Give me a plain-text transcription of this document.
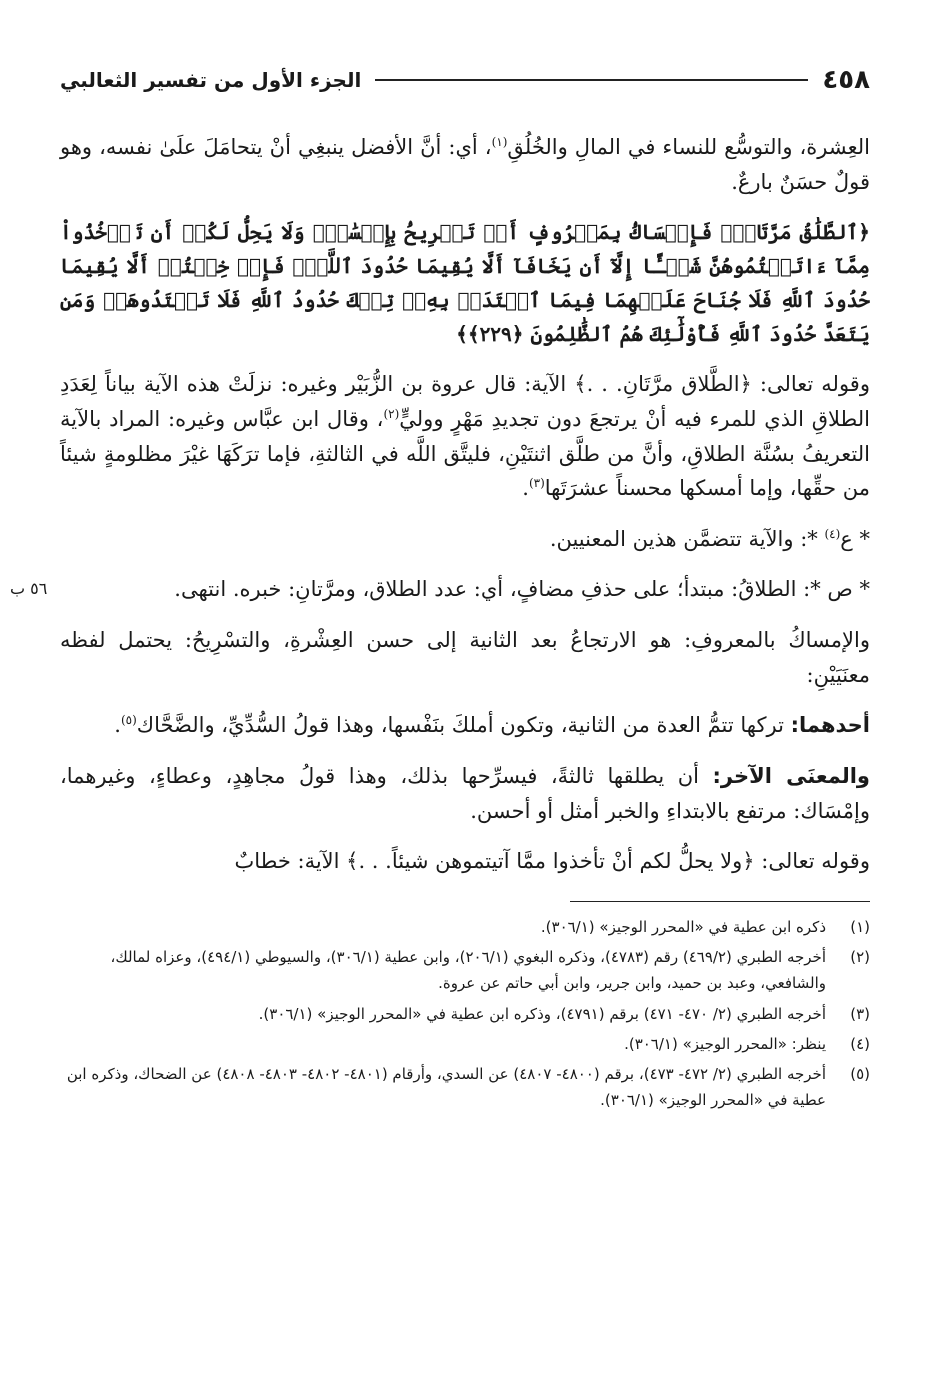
٤٥٨
الجزء الأول من تفسير الثعالبي

العِشرة، والتوسُّع للنساء في المالِ والخُلُقِ$^{(١)}$، أي: أنَّ الأفضل ينبغِي أنْ يتحامَلَ علَىٰ نفسه، وهو قولٌ حسَنٌ بارعٌ.

﴿ٱلطَّلَٰقُ مَرَّتَانِۖ فَإِمۡسَاكُۢ بِمَعۡرُوفٍ أَوۡ تَسۡرِيحُۢ بِإِحۡسَٰنٖۗ وَلَا يَحِلُّ لَكُمۡ أَن تَأۡخُذُواْ مِمَّآ ءَاتَيۡتُمُوهُنَّ شَيۡـًٔا إِلَّآ أَن يَخَافَآ أَلَّا يُقِيمَا حُدُودَ ٱللَّهِۖ فَإِنۡ خِفۡتُمۡ أَلَّا يُقِيمَا حُدُودَ ٱللَّهِ فَلَا جُنَاحَ عَلَيۡهِمَا فِيمَا ٱفۡتَدَتۡ بِهِۦۗ تِلۡكَ حُدُودُ ٱللَّهِ فَلَا تَعۡتَدُوهَاۚ وَمَن يَتَعَدَّ حُدُودَ ٱللَّهِ فَأُوْلَٰٓئِكَ هُمُ ٱلظَّٰلِمُونَ ﴿٢٢٩﴾﴾

وقوله تعالى: ﴿الطَّلاق مرَّتَانِ. . .﴾ الآية: قال عروة بن الزُّبَيْر وغيره: نزلَتْ هذه الآية بياناً لِعَدَدِ الطلاقِ الذي للمرء فيه أنْ يرتجعَ دون تجديدِ مَهْرٍ ووليٍّ$^{(٢)}$، وقال ابن عبَّاس وغيره: المراد بالآية التعريفُ بسُنَّة الطلاقِ، وأنَّ من طلَّق اثنتَيْنِ، فليتَّق اللَّه في الثالثةِ، فإما ترَكَهَا غيْرَ مظلومةٍ شيئاً من حقِّها، وإما أمسكها محسناً عشرَتَها$^{(٣)}$.

* ع$^{(٤)}$ *: والآية تتضمَّن هذين المعنيين.

٥٦ ب	* ص *: الطلاقُ: مبتدأ؛ على حذفِ مضافٍ، أي: عدد الطلاق، ومرَّتانِ: خبره. انتهى.

والإمساكُ بالمعروفِ: هو الارتجاعُ بعد الثانية إلى حسن العِشْرةِ، والتسْرِيحُ: يحتمل لفظه معنَيَيْنِ:

أحدهما: تركها تتمُّ العدة من الثانية، وتكون أملكَ بنَفْسها، وهذا قولُ السُّدِّيِّ، والضَّحَّاك$^{(٥)}$.

والمعنَى الآخر: أن يطلقها ثالثةً، فيسرِّحها بذلك، وهذا قولُ مجاهِدٍ، وعطاءٍ، وغيرهما، وإمْسَاك: مرتفع بالابتداءِ والخبر أمثل أو أحسن.

وقوله تعالى: ﴿ولا يحلُّ لكم أنْ تأخذوا ممَّا آتيتموهن شيئاً. . .﴾ الآية: خطابٌ

(١)
ذكره ابن عطية في «المحرر الوجيز» (٣٠٦/١).
(٢)
أخرجه الطبري (٤٦٩/٢) رقم (٤٧٨٣)، وذكره البغوي (٢٠٦/١)، وابن عطية (٣٠٦/١)، والسيوطي (٤٩٤/١)، وعزاه لمالك، والشافعي، وعبد بن حميد، وابن جرير، وابن أبي حاتم عن عروة.
(٣)
أخرجه الطبري (٢/ ٤٧٠- ٤٧١) برقم (٤٧٩١)، وذكره ابن عطية في «المحرر الوجيز» (٣٠٦/١).
(٤)
ينظر: «المحرر الوجيز» (٣٠٦/١).
(٥)
أخرجه الطبري (٢/ ٤٧٢- ٤٧٣)، برقم (٤٨٠٠- ٤٨٠٧) عن السدي، وأرقام (٤٨٠١- ٤٨٠٢- ٤٨٠٣- ٤٨٠٨) عن الضحاك، وذكره ابن عطية في «المحرر الوجيز» (٣٠٦/١).
